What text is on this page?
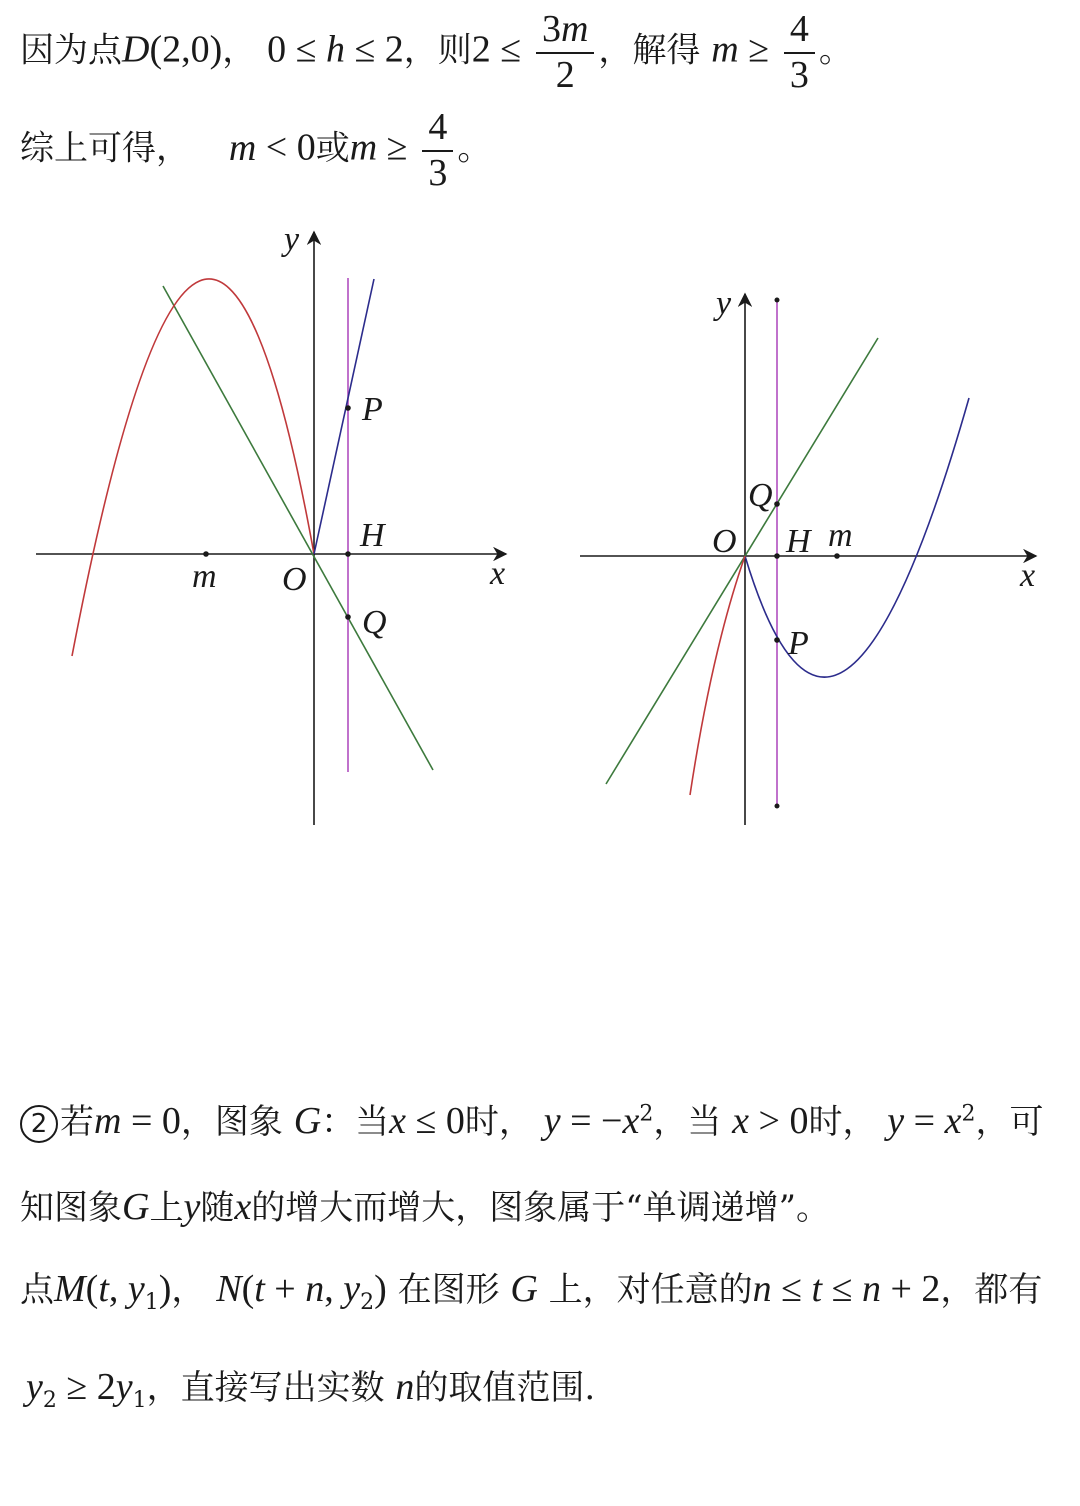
因为点D(2,0)， 0 ≤ h ≤ 2，则$2 \le \frac{3m}{2}$ ，解得 $m \ge \frac{4}{3}$ 。
综上可得， m < 0或$m \ge \frac{4}{3}$ 。
y
x
O
m
P
H
Q
y
x
O H m
Q
P
2 若m = 0，图象 G：当x ≤ 0时， $y = -x^2$，当 x > 0时， $y = x^2$，可
知图象G上y随x的增大而增大，图象属于“单调递增”。
点M(t, $y_1$)， N(t + n, $y_2$) 在图形 G 上，对任意的n ≤ t ≤ n + 2，都有
$y_2 \ge 2y_1$，直接写出实数 n的取值范围.
